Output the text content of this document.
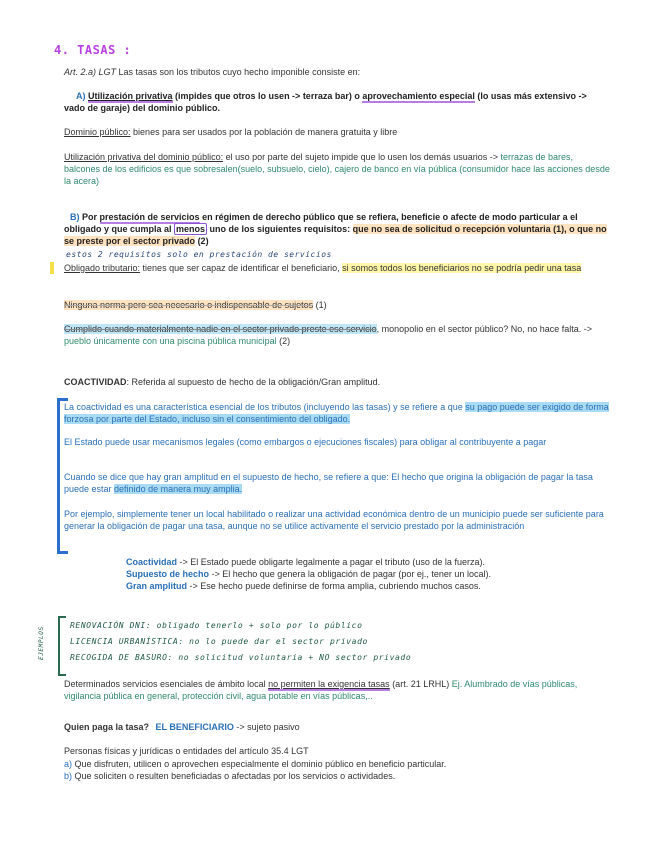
4. TASAS :
Art. 2.a) LGT Las tasas son los tributos cuyo hecho imponible consiste en:
A) Utilización privativa (impides que otros lo usen -> terraza bar) o aprovechamiento especial (lo usas más extensivo -> vado de garaje) del dominio público.
Dominio público: bienes para ser usados por la población de manera gratuita y libre
Utilización privativa del dominio público: el uso por parte del sujeto impide que lo usen los demás usuarios -> terrazas de bares, balcones de los edificios es que sobresalen(suelo, subsuelo, cielo), cajero de banco en vía pública (consumidor hace las acciones desde la acera)
B) Por prestación de servicios en régimen de derecho público que se refiera, beneficie o afecte de modo particular a el obligado y que cumpla al menos uno de los siguientes requisitos: que no sea de solicitud o recepción voluntaria (1), o que no se preste por el sector privado (2)
estos 2 requisitos solo en prestación de servicios
Obligado tributario: tienes que ser capaz de identificar el beneficiario, si somos todos los beneficiarios no se podría pedir una tasa
Ninguna norma pero sea necesario o indispensable de sujetos (1)
Cumplido cuando materialmente nadie en el sector privado preste ese servicio, monopolio en el sector público? No, no hace falta. -> pueblo únicamente con una piscina pública municipal (2)
COACTIVIDAD: Referida al supuesto de hecho de la obligación/Gran amplitud.
La coactividad es una característica esencial de los tributos (incluyendo las tasas) y se refiere a que su pago puede ser exigido de forma forzosa por parte del Estado, incluso sin el consentimiento del obligado.
El Estado puede usar mecanismos legales (como embargos o ejecuciones fiscales) para obligar al contribuyente a pagar
Cuando se dice que hay gran amplitud en el supuesto de hecho, se refiere a que: El hecho que origina la obligación de pagar la tasa puede estar definido de manera muy amplia.
Por ejemplo, simplemente tener un local habilitado o realizar una actividad económica dentro de un municipio puede ser suficiente para generar la obligación de pagar una tasa, aunque no se utilice activamente el servicio prestado por la administración
Coactividad -> El Estado puede obligarte legalmente a pagar el tributo (uso de la fuerza).
Supuesto de hecho -> El hecho que genera la obligación de pagar (por ej., tener un local).
Gran amplitud -> Ese hecho puede definirse de forma amplia, cubriendo muchos casos.
EJEMPLOS
RENOVACIÓN DNI: obligado tenerlo + solo por lo público
LICENCIA URBANÍSTICA: no lo puede dar el sector privado
RECOGIDA DE BASURO: no solicitud voluntaria + NO sector privado
Determinados servicios esenciales de ámbito local no permiten la exigencia tasas (art. 21 LRHL) Ej. Alumbrado de vías públicas, vigilancia pública en general, protección civil, agua potable en vías públicas,..
Quien paga la tasa? EL BENEFICIARIO -> sujeto pasivo
Personas físicas y jurídicas o entidades del artículo 35.4 LGT
a) Que disfruten, utilicen o aprovechen especialmente el dominio público en beneficio particular.
b) Que soliciten o resulten beneficiadas o afectadas por los servicios o actividades.
